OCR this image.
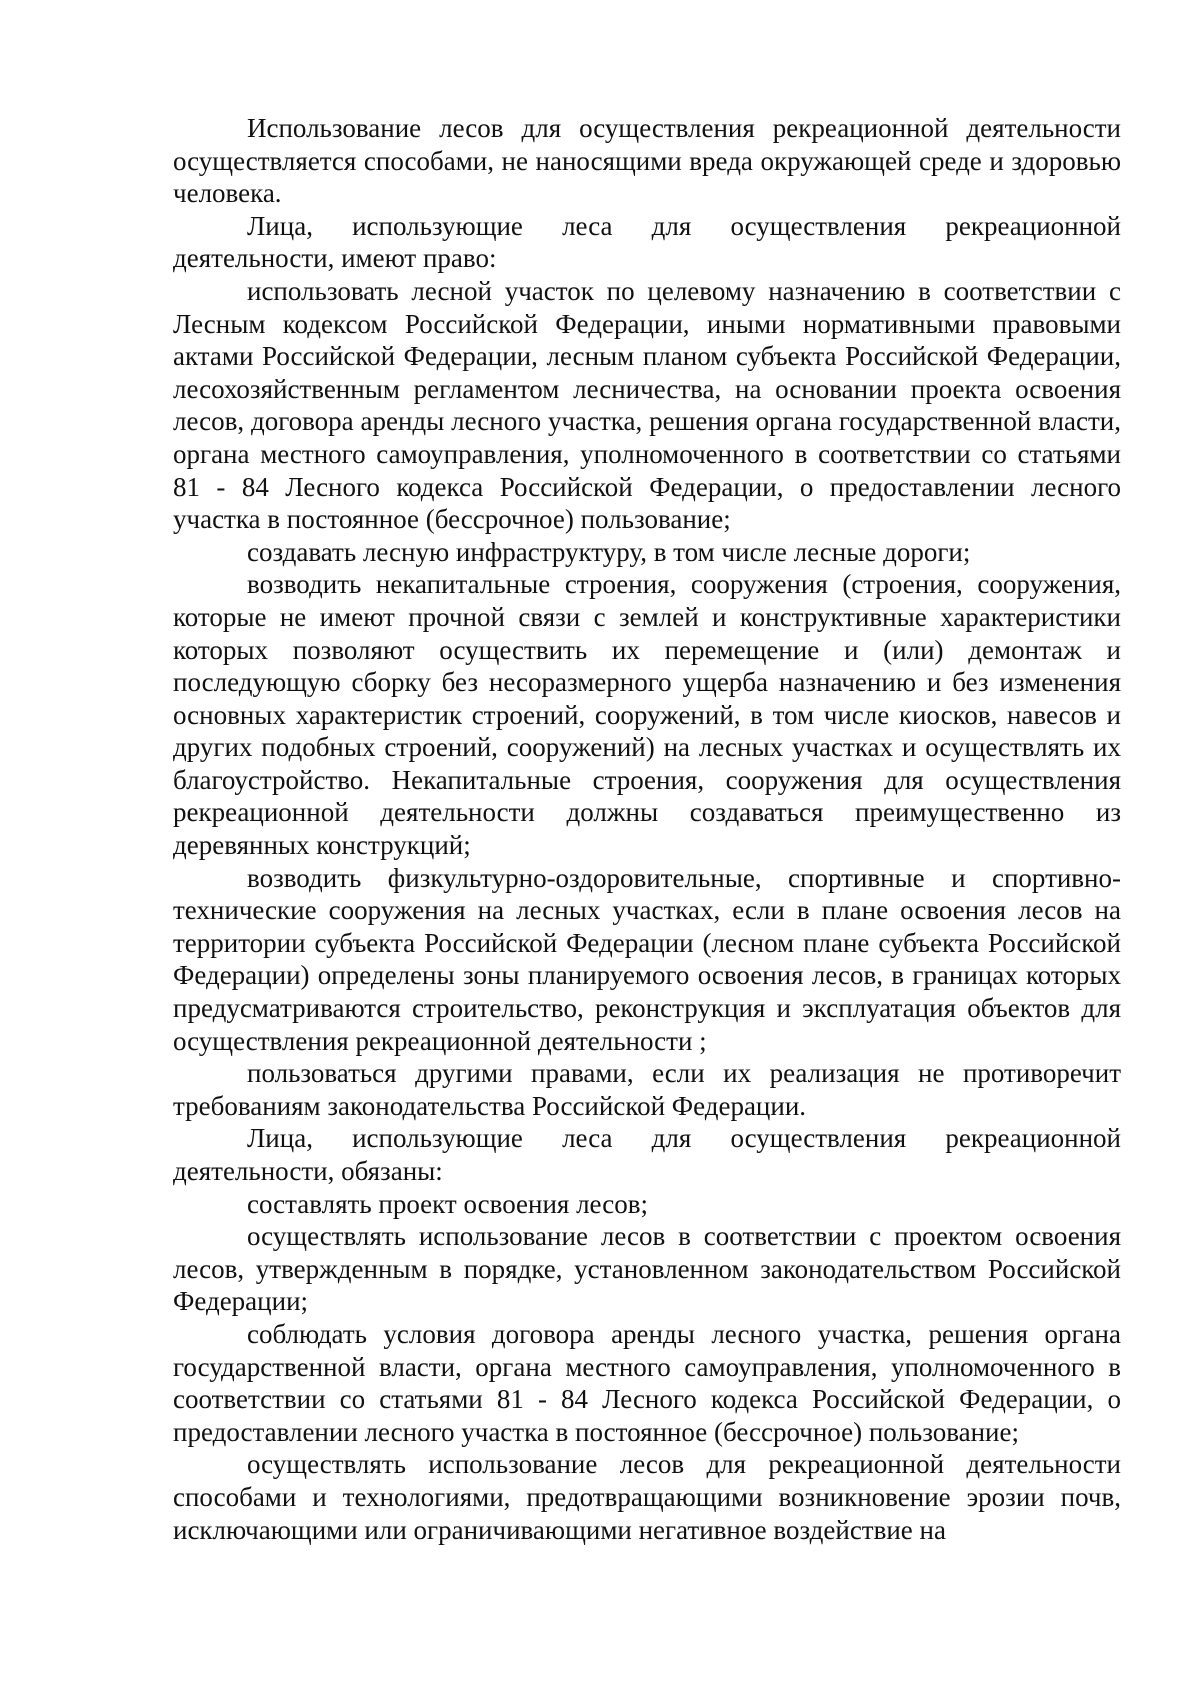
Использование лесов для осуществления рекреационной деятельности осуществляется способами, не наносящими вреда окружающей среде и здоровью человека.

Лица, использующие леса для осуществления рекреационной деятельности, имеют право:

использовать лесной участок по целевому назначению в соответствии с Лесным кодексом Российской Федерации, иными нормативными правовыми актами Российской Федерации, лесным планом субъекта Российской Федерации, лесохозяйственным регламентом лесничества, на основании проекта освоения лесов, договора аренды лесного участка, решения органа государственной власти, органа местного самоуправления, уполномоченного в соответствии со статьями 81 - 84 Лесного кодекса Российской Федерации, о предоставлении лесного участка в постоянное (бессрочное) пользование;

создавать лесную инфраструктуру, в том числе лесные дороги;

возводить некапитальные строения, сооружения (строения, сооружения, которые не имеют прочной связи с землей и конструктивные характеристики которых позволяют осуществить их перемещение и (или) демонтаж и последующую сборку без несоразмерного ущерба назначению и без изменения основных характеристик строений, сооружений, в том числе киосков, навесов и других подобных строений, сооружений) на лесных участках и осуществлять их благоустройство. Некапитальные строения, сооружения для осуществления рекреационной деятельности должны создаваться преимущественно из деревянных конструкций;

возводить физкультурно-оздоровительные, спортивные и спортивно-технические сооружения на лесных участках, если в плане освоения лесов на территории субъекта Российской Федерации (лесном плане субъекта Российской Федерации) определены зоны планируемого освоения лесов, в границах которых предусматриваются строительство, реконструкция и эксплуатация объектов для осуществления рекреационной деятельности ;

пользоваться другими правами, если их реализация не противоречит требованиям законодательства Российской Федерации.

Лица, использующие леса для осуществления рекреационной деятельности, обязаны:

составлять проект освоения лесов;

осуществлять использование лесов в соответствии с проектом освоения лесов, утвержденным в порядке, установленном законодательством Российской Федерации;

соблюдать условия договора аренды лесного участка, решения органа государственной власти, органа местного самоуправления, уполномоченного в соответствии со статьями 81 - 84 Лесного кодекса Российской Федерации, о предоставлении лесного участка в постоянное (бессрочное) пользование;

осуществлять использование лесов для рекреационной деятельности способами и технологиями, предотвращающими возникновение эрозии почв, исключающими или ограничивающими негативное воздействие на
